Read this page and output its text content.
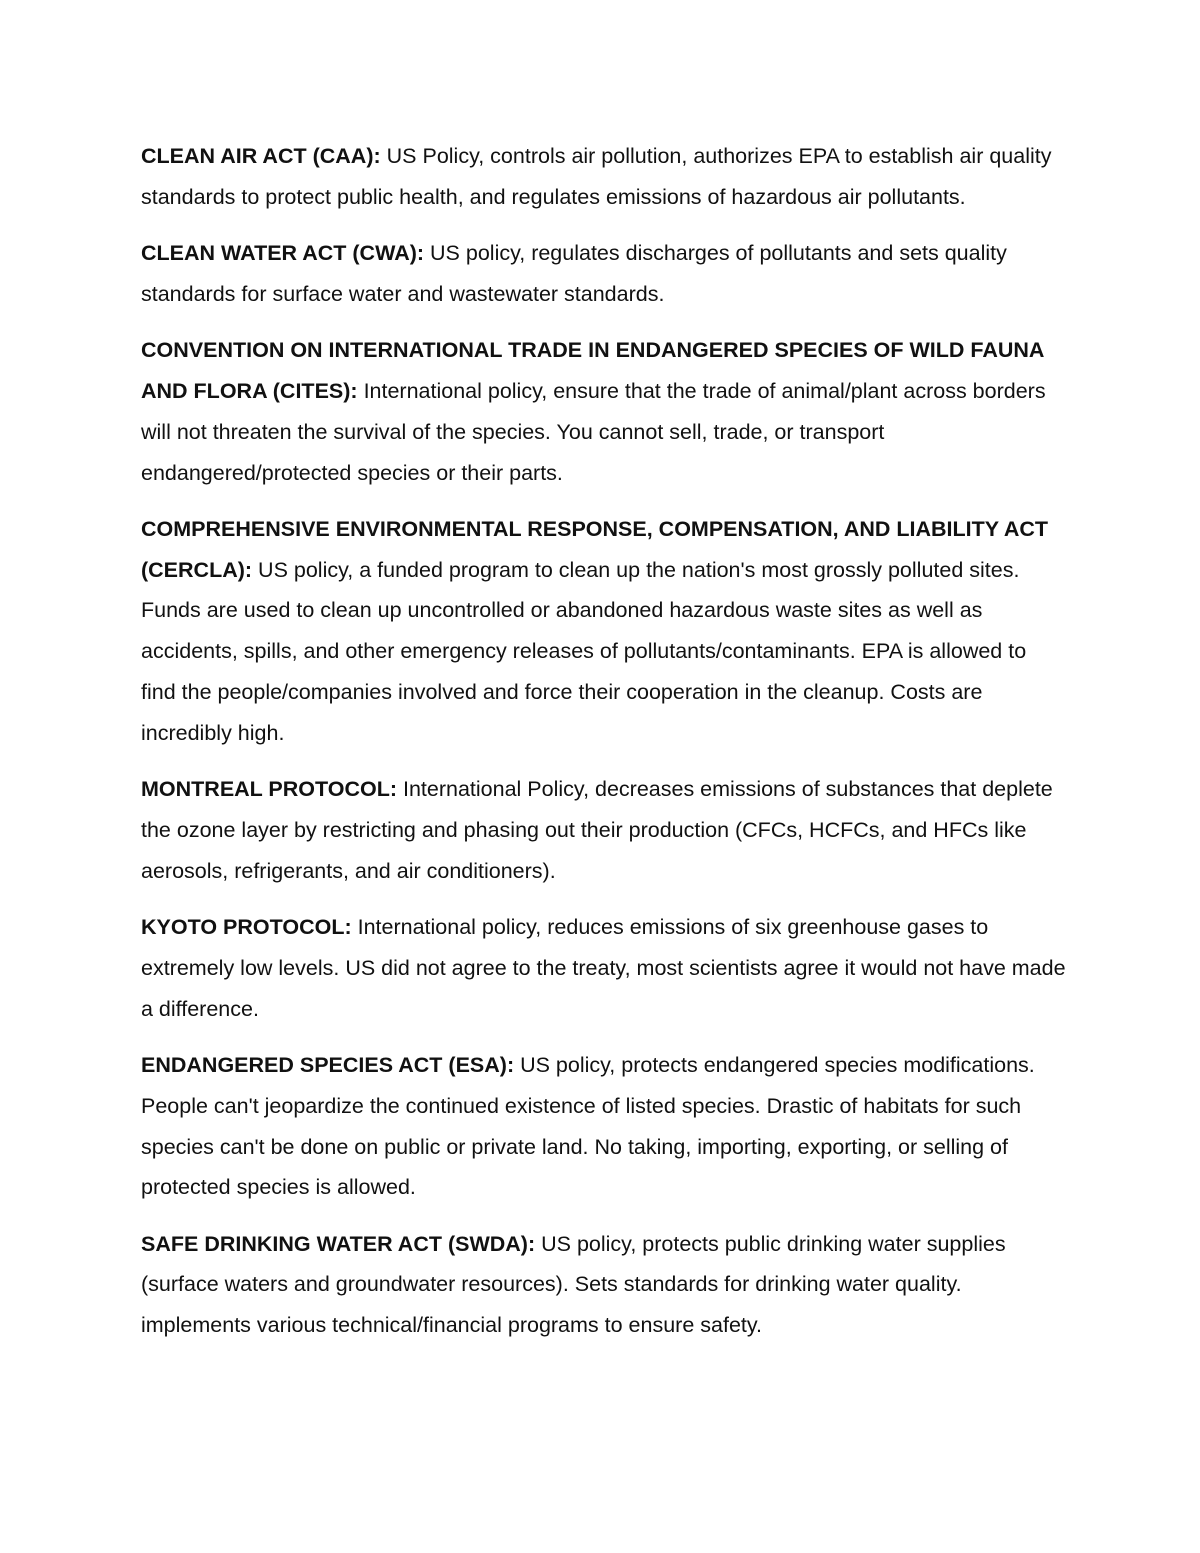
CLEAN AIR ACT (CAA): US Policy, controls air pollution, authorizes EPA to establish air quality standards to protect public health, and regulates emissions of hazardous air pollutants.

CLEAN WATER ACT (CWA): US policy, regulates discharges of pollutants and sets quality standards for surface water and wastewater standards.

CONVENTION ON INTERNATIONAL TRADE IN ENDANGERED SPECIES OF WILD FAUNA AND FLORA (CITES): International policy, ensure that the trade of animal/plant across borders will not threaten the survival of the species. You cannot sell, trade, or transport endangered/protected species or their parts.

COMPREHENSIVE ENVIRONMENTAL RESPONSE, COMPENSATION, AND LIABILITY ACT (CERCLA): US policy, a funded program to clean up the nation's most grossly polluted sites. Funds are used to clean up uncontrolled or abandoned hazardous waste sites as well as accidents, spills, and other emergency releases of pollutants/contaminants. EPA is allowed to find the people/companies involved and force their cooperation in the cleanup. Costs are incredibly high.

MONTREAL PROTOCOL: International Policy, decreases emissions of substances that deplete the ozone layer by restricting and phasing out their production (CFCs, HCFCs, and HFCs like aerosols, refrigerants, and air conditioners).

KYOTO PROTOCOL: International policy, reduces emissions of six greenhouse gases to extremely low levels. US did not agree to the treaty, most scientists agree it would not have made a difference.

ENDANGERED SPECIES ACT (ESA): US policy, protects endangered species modifications. People can't jeopardize the continued existence of listed species. Drastic of habitats for such species can't be done on public or private land. No taking, importing, exporting, or selling of protected species is allowed.

SAFE DRINKING WATER ACT (SWDA): US policy, protects public drinking water supplies (surface waters and groundwater resources). Sets standards for drinking water quality. implements various technical/financial programs to ensure safety.
